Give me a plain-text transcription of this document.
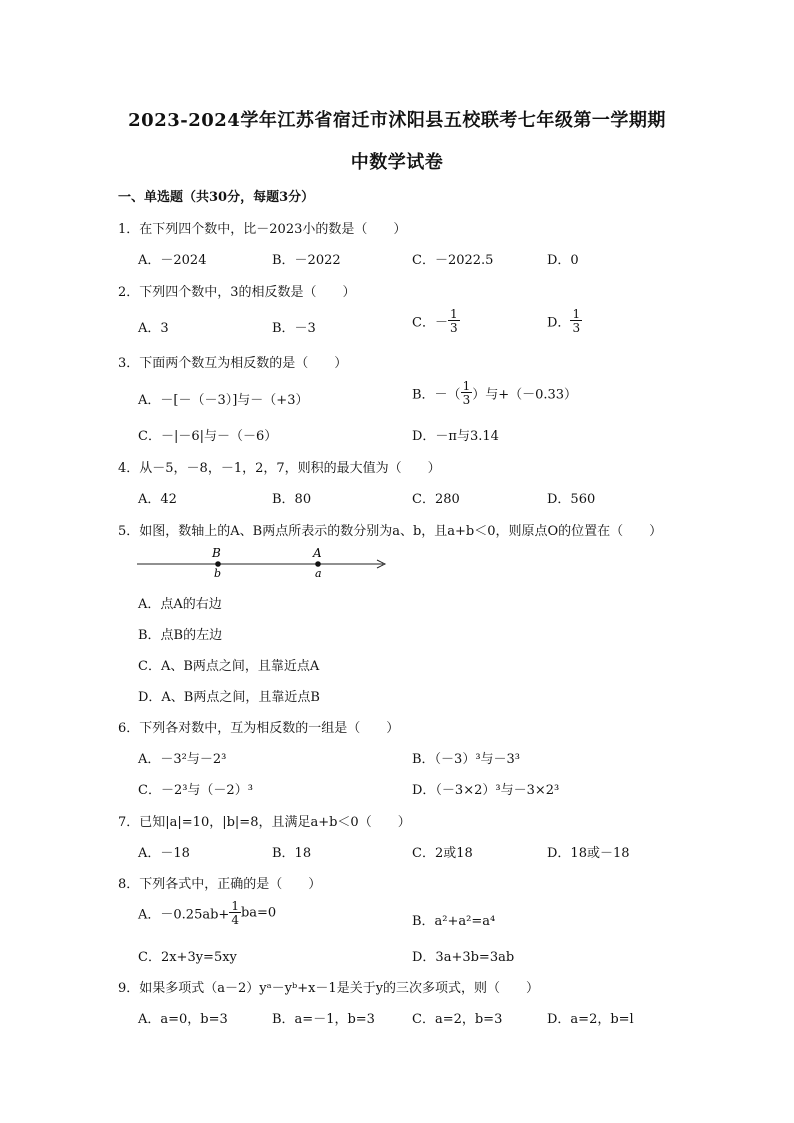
2023-2024学年江苏省宿迁市沭阳县五校联考七年级第一学期期
中数学试卷
一、单选题（共30分，每题3分）
1．在下列四个数中，比－2023小的数是（　　）
A．－2024	B．－2022	C．－2022.5	D．0
2．下列四个数中，3的相反数是（　　）
A．3	B．－3	C．－ $\frac{1}{3}$	D． $\frac{1}{3}$
3．下面两个数互为相反数的是（　　）
A．－[－（－3）]与－（+3）	B．－（ $\frac{1}{3}$ ）与+（－0.33）
C．－|－6|与－（－6）	D．－π与3.14
4．从－5，－8，－1，2，7，则积的最大值为（　　）
A．42	B．80	C．280	D．560
5．如图，数轴上的A、B两点所表示的数分别为a、b，且a+b＜0，则原点O的位置在（　　）
B
b
A
a
A．点A的右边
B．点B的左边
C．A、B两点之间，且靠近点A
D．A、B两点之间，且靠近点B
6．下列各对数中，互为相反数的一组是（　　）
A．－3²与－2³	B．（－3）³与－3³
C．－2³与（－2）³	D．（－3×2）³与－3×2³
7．已知|a|=10，|b|=8，且满足a+b＜0（　　）
A．－18	B．18	C．2或18	D．18或－18
8．下列各式中，正确的是（　　）
A．$-0.25ab+ \frac{1}{4} ba=0$
B．a²+a²=a⁴
C．2x+3y=5xy	D．3a+3b=3ab
9．如果多项式（a－2）yᵃ－yᵇ+x－1是关于y的三次多项式，则（　　）
A．a=0，b=3	B．a=－1，b=3	C．a=2，b=3	D．a=2，b=l
